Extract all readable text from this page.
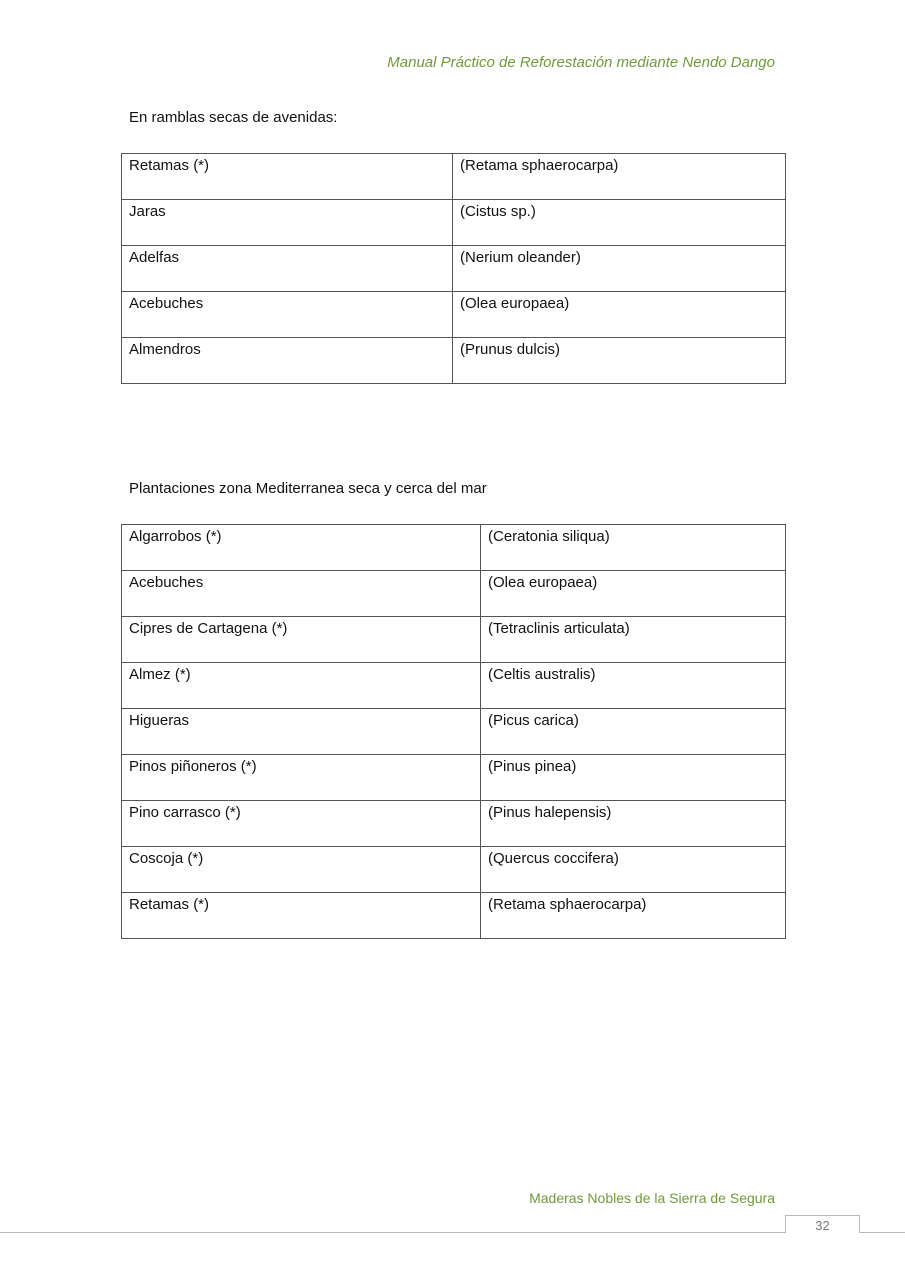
Manual Práctico de Reforestación mediante Nendo Dango
En ramblas secas de avenidas:
Retamas (*)	(Retama sphaerocarpa)
Jaras	(Cistus sp.)
Adelfas	(Nerium oleander)
Acebuches	(Olea europaea)
Almendros	(Prunus dulcis)
Plantaciones zona Mediterranea seca y cerca del mar
Algarrobos (*)	(Ceratonia siliqua)
Acebuches	(Olea europaea)
Cipres de Cartagena (*)	(Tetraclinis articulata)
Almez (*)	(Celtis australis)
Higueras	(Picus carica)
Pinos piñoneros (*)	(Pinus pinea)
Pino carrasco (*)	(Pinus halepensis)
Coscoja (*)	(Quercus coccifera)
Retamas (*)	(Retama sphaerocarpa)
Maderas Nobles de la Sierra de Segura
32
